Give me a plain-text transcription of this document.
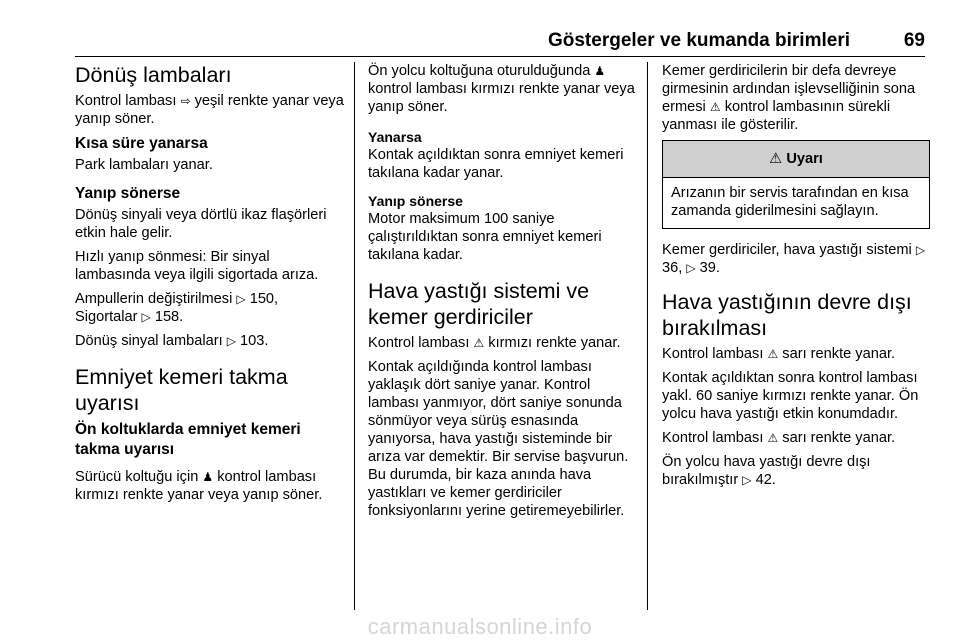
Göstergeler ve kumanda birimleri	69
Dönüş lambaları

Kontrol lambası ⇨ yeşil renkte yanar veya yanıp söner.

Kısa süre yanarsa

Park lambaları yanar.

Yanıp sönerse

Dönüş sinyali veya dörtlü ikaz flaşörleri etkin hale gelir.

Hızlı yanıp sönmesi: Bir sinyal lambasında veya ilgili sigortada arıza.

Ampullerin değiştirilmesi ▷ 150,
Sigortalar ▷ 158.

Dönüş sinyal lambaları ▷ 103.

Emniyet kemeri takma uyarısı
Ön koltuklarda emniyet kemeri takma uyarısı

Sürücü koltuğu için ♟ kontrol lambası kırmızı renkte yanar veya yanıp söner.

Ön yolcu koltuğuna oturulduğunda ♟ kontrol lambası kırmızı renkte yanar veya yanıp söner.

Yanarsa

Kontak açıldıktan sonra emniyet kemeri takılana kadar yanar.

Yanıp sönerse

Motor maksimum 100 saniye çalıştırıldıktan sonra emniyet kemeri takılana kadar.

Hava yastığı sistemi ve kemer gerdiriciler

Kontrol lambası ⚠ kırmızı renkte yanar.

Kontak açıldığında kontrol lambası yaklaşık dört saniye yanar. Kontrol lambası yanmıyor, dört saniye sonunda sönmüyor veya sürüş esnasında yanıyorsa, hava yastığı sisteminde bir arıza var demektir. Bir servise başvurun. Bu durumda, bir kaza anında hava yastıkları ve kemer gerdiriciler fonksiyonlarını yerine getiremeyebilirler.

Kemer gerdiricilerin bir defa devreye girmesinin ardından işlevselliğinin sona ermesi ⚠ kontrol lambasının sürekli yanması ile gösterilir.

⚠ Uyarı
Arızanın bir servis tarafından en kısa zamanda giderilmesini sağlayın.

Kemer gerdiriciler, hava yastığı sistemi ▷ 36, ▷ 39.

Hava yastığının devre dışı bırakılması

Kontrol lambası ⚠ sarı renkte yanar.

Kontak açıldıktan sonra kontrol lambası yakl. 60 saniye kırmızı renkte yanar. Ön yolcu hava yastığı etkin konumdadır.

Kontrol lambası ⚠ sarı renkte yanar.

Ön yolcu hava yastığı devre dışı bırakılmıştır ▷ 42.

carmanualsonline.info
